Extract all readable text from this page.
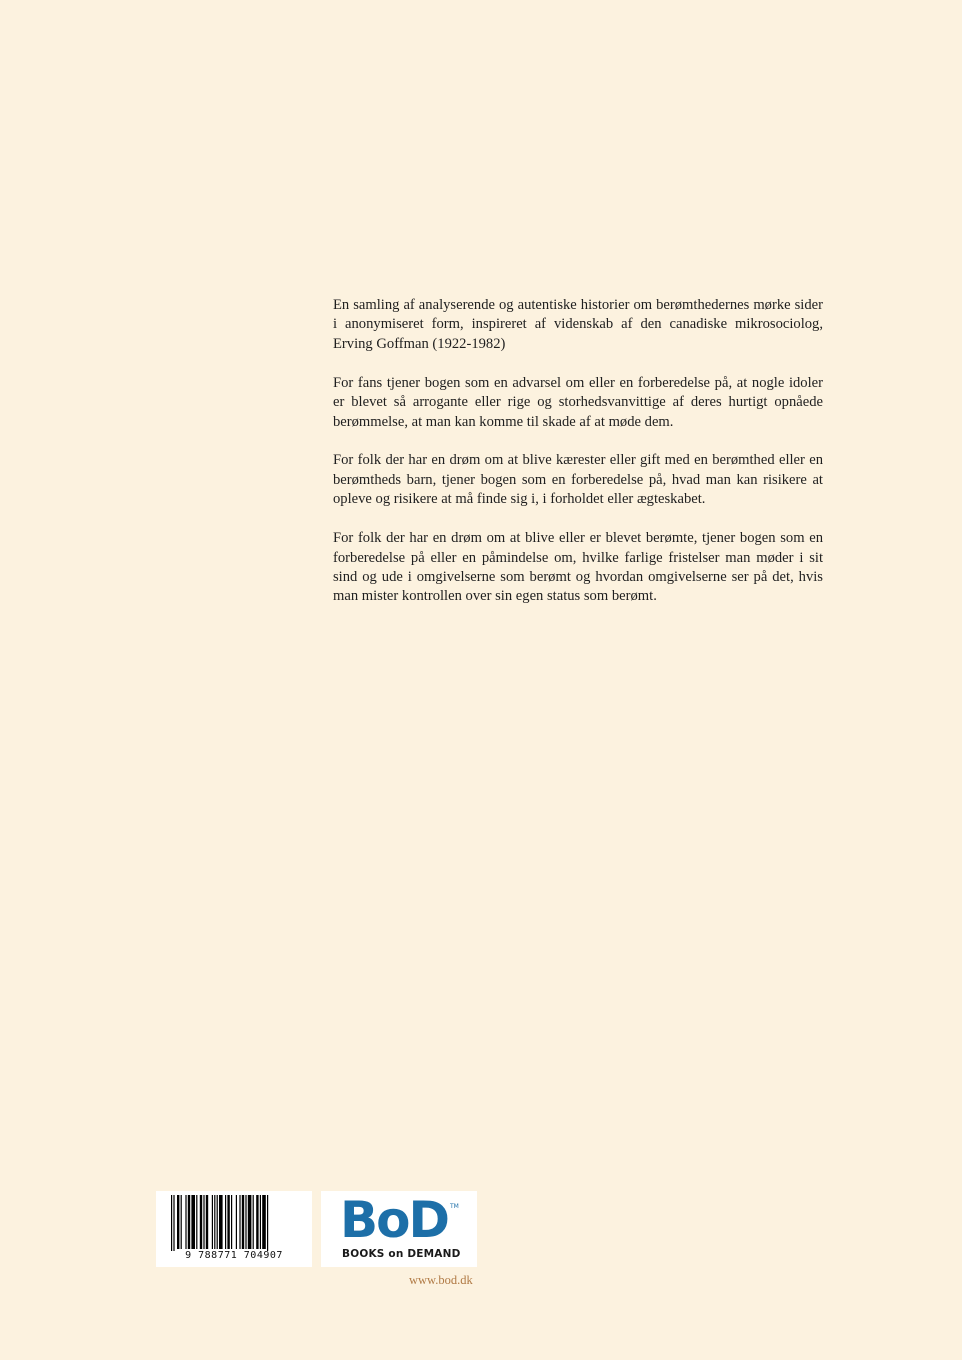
En samling af analyserende og autentiske historier om berømthedernes mørke sider i anonymiseret form, inspireret af videnskab af den canadiske mikrosociolog, Erving Goffman (1922-1982)

For fans tjener bogen som en advarsel om eller en forberedelse på, at nogle idoler er blevet så arrogante eller rige og storhedsvanvittige af deres hurtigt opnåede berømmelse, at man kan komme til skade af at møde dem.

For folk der har en drøm om at blive kærester eller gift med en berømthed eller en berømtheds barn, tjener bogen som en forberedelse på, hvad man kan risikere at opleve og risikere at må finde sig i, i forholdet eller ægteskabet.

For folk der har en drøm om at blive eller er blevet berømte, tjener bogen som en forberedelse på eller en påmindelse om, hvilke farlige fristelser man møder i sit sind og ude i omgivelserne som berømt og hvordan omgivelserne ser på det, hvis man mister kontrollen over sin egen status som berømt.

9 788771 704907
BoD TM
BOOKS on DEMAND
www.bod.dk
